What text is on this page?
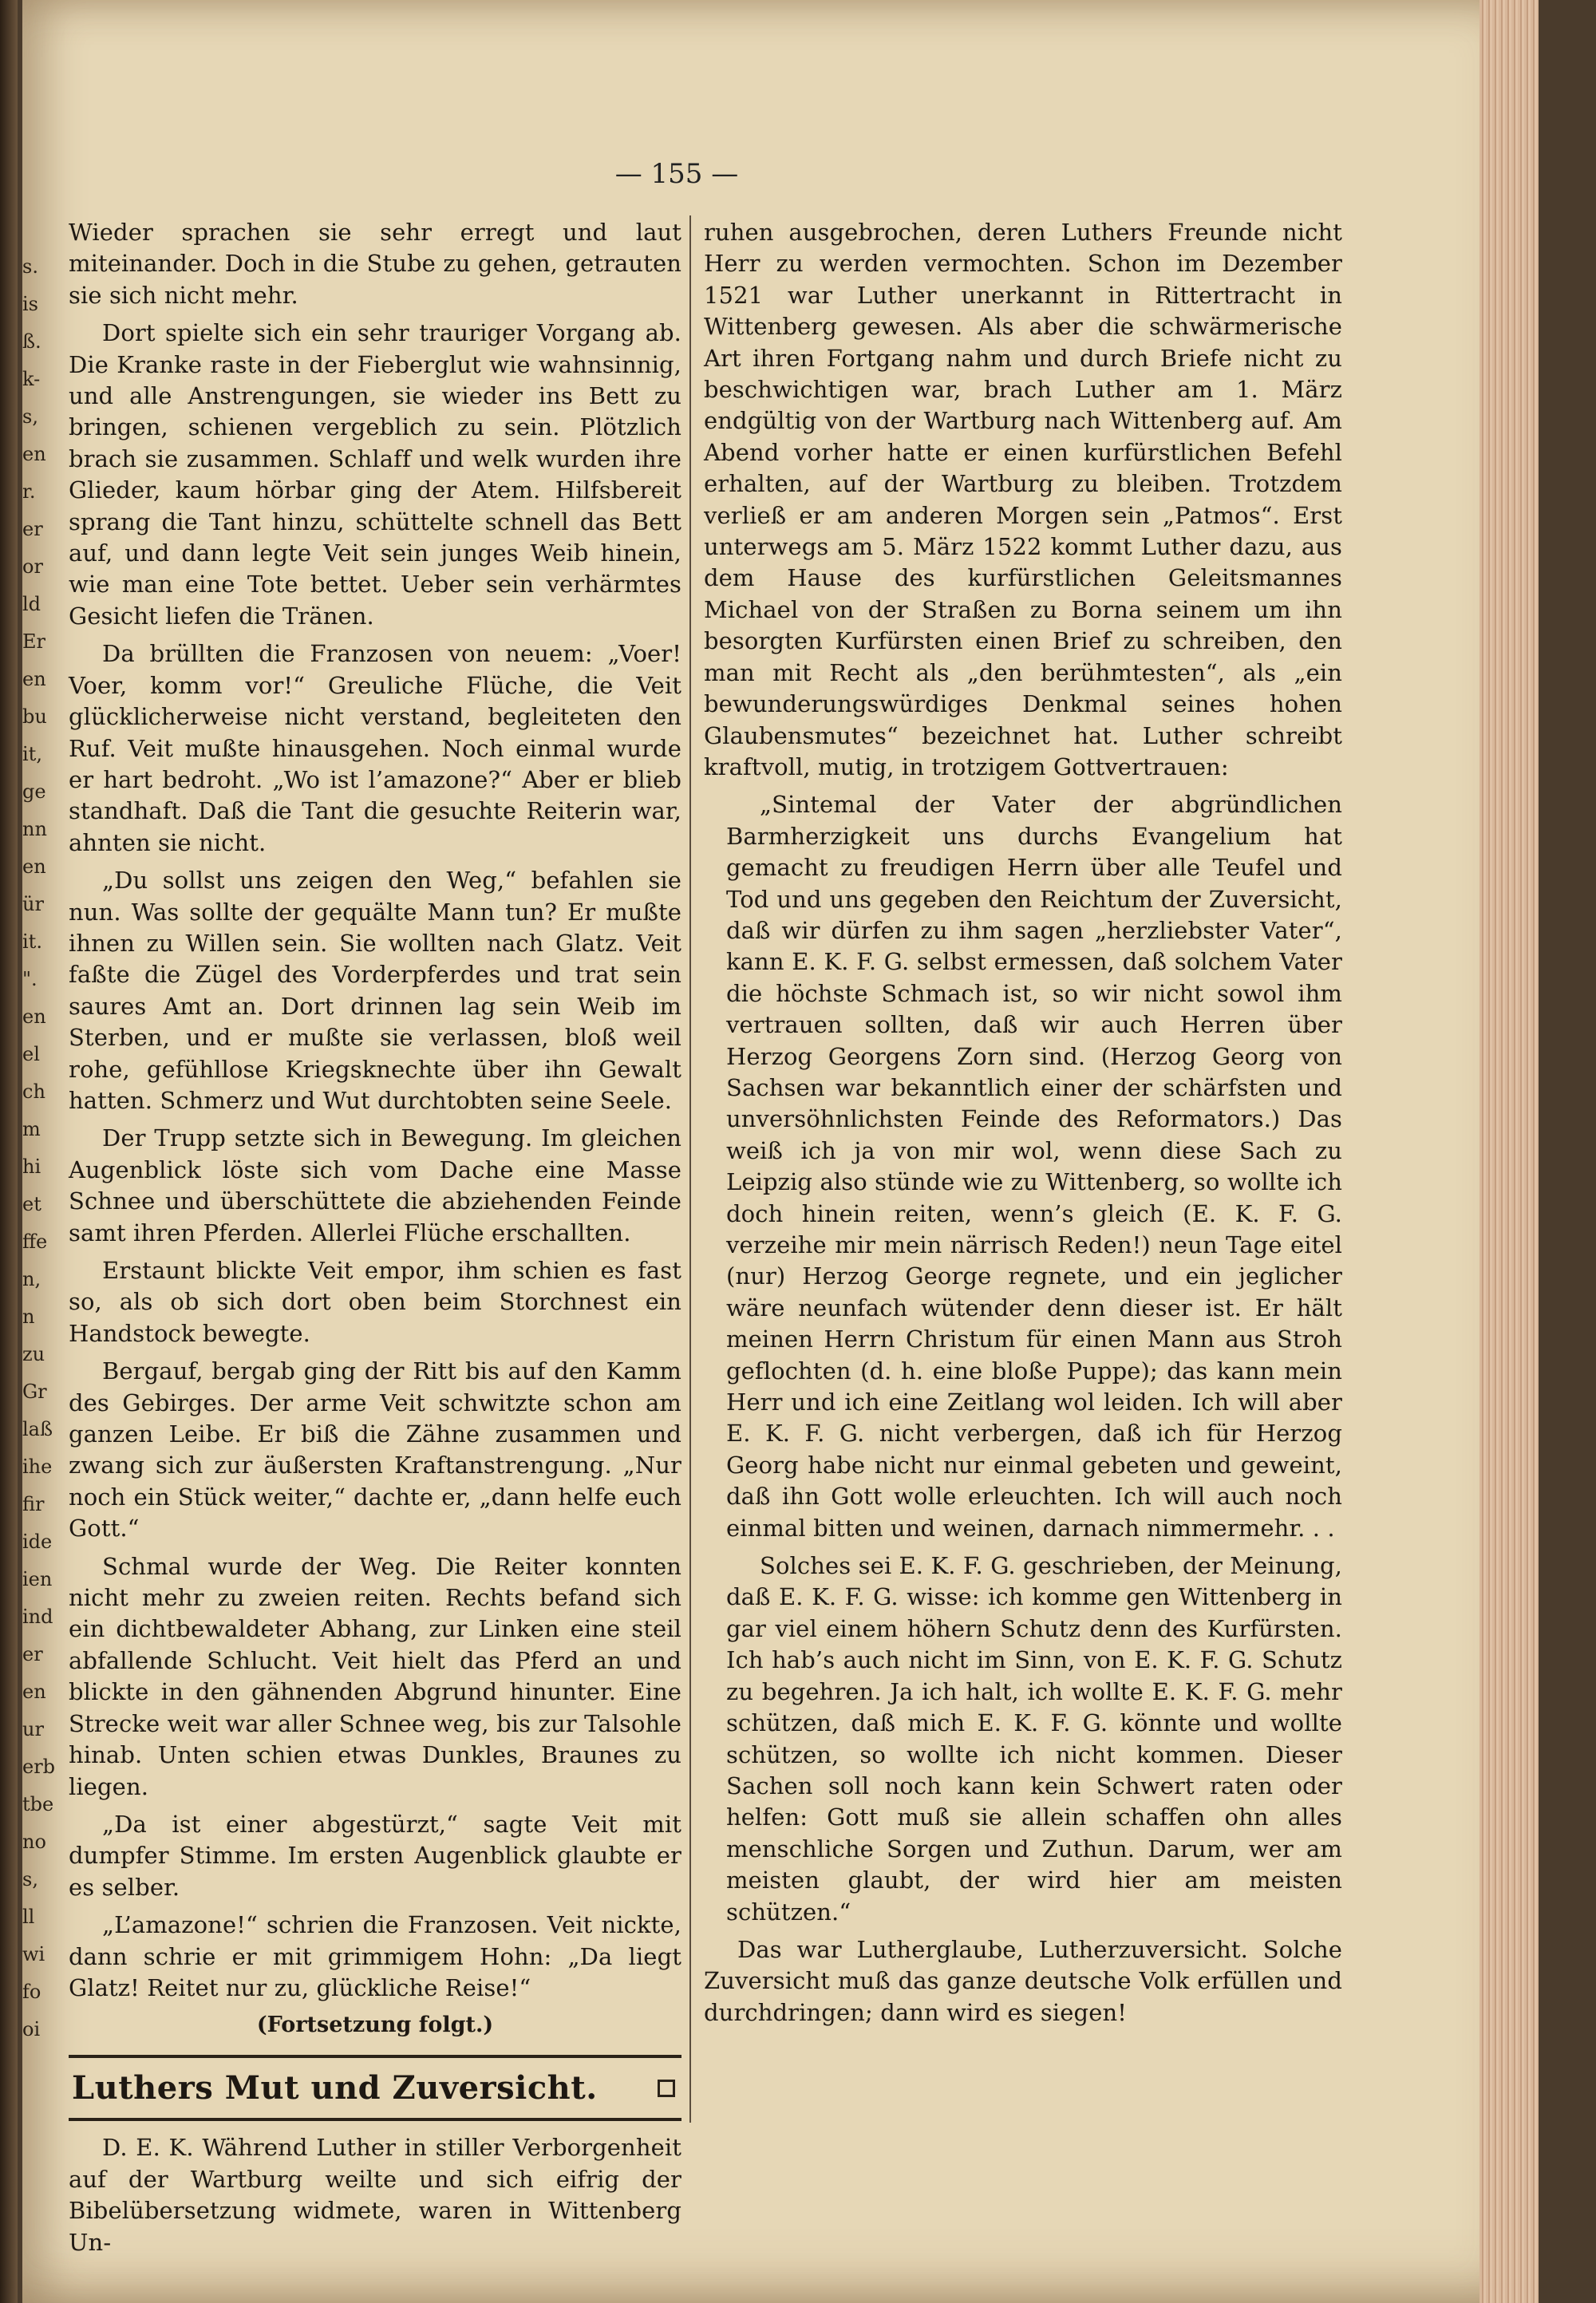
s.
is
ß.
k-
s,
en
r.
er
or
ld
Er
en
bu
it,
ge
nn
en
ür
it.
".
en
el
ch
m
hi
et
ffe
n,
n
zu
Gr
laß
ihe
fir
ide
ien
ind
er
en
ur
erb
tbe
no
s,
ll
wi
fo
oi
— 155 —

Wieder sprachen sie sehr erregt und laut miteinander. Doch in die Stube zu gehen, getrauten sie sich nicht mehr.

Dort spielte sich ein sehr trauriger Vorgang ab. Die Kranke raste in der Fieberglut wie wahnsinnig, und alle Anstrengungen, sie wieder ins Bett zu bringen, schienen vergeblich zu sein. Plötzlich brach sie zusammen. Schlaff und welk wurden ihre Glieder, kaum hörbar ging der Atem. Hilfsbereit sprang die Tant hinzu, schüttelte schnell das Bett auf, und dann legte Veit sein junges Weib hinein, wie man eine Tote bettet. Ueber sein verhärmtes Gesicht liefen die Tränen.

Da brüllten die Franzosen von neuem: „Voer! Voer, komm vor!“ Greuliche Flüche, die Veit glücklicherweise nicht verstand, begleiteten den Ruf. Veit mußte hinausgehen. Noch einmal wurde er hart bedroht. „Wo ist l’amazone?“ Aber er blieb standhaft. Daß die Tant die gesuchte Reiterin war, ahnten sie nicht.

„Du sollst uns zeigen den Weg,“ befahlen sie nun. Was sollte der gequälte Mann tun? Er mußte ihnen zu Willen sein. Sie wollten nach Glatz. Veit faßte die Zügel des Vorderpferdes und trat sein saures Amt an. Dort drinnen lag sein Weib im Sterben, und er mußte sie verlassen, bloß weil rohe, gefühllose Kriegsknechte über ihn Gewalt hatten. Schmerz und Wut durchtobten seine Seele.

Der Trupp setzte sich in Bewegung. Im gleichen Augenblick löste sich vom Dache eine Masse Schnee und überschüttete die abziehenden Feinde samt ihren Pferden. Allerlei Flüche erschallten.

Erstaunt blickte Veit empor, ihm schien es fast so, als ob sich dort oben beim Storchnest ein Handstock bewegte.

Bergauf, bergab ging der Ritt bis auf den Kamm des Gebirges. Der arme Veit schwitzte schon am ganzen Leibe. Er biß die Zähne zusammen und zwang sich zur äußersten Kraftanstrengung. „Nur noch ein Stück weiter,“ dachte er, „dann helfe euch Gott.“

Schmal wurde der Weg. Die Reiter konnten nicht mehr zu zweien reiten. Rechts befand sich ein dichtbewaldeter Abhang, zur Linken eine steil abfallende Schlucht. Veit hielt das Pferd an und blickte in den gähnenden Abgrund hinunter. Eine Strecke weit war aller Schnee weg, bis zur Talsohle hinab. Unten schien etwas Dunkles, Braunes zu liegen.

„Da ist einer abgestürzt,“ sagte Veit mit dumpfer Stimme. Im ersten Augenblick glaubte er es selber.

„L’amazone!“ schrien die Franzosen. Veit nickte, dann schrie er mit grimmigem Hohn: „Da liegt Glatz! Reitet nur zu, glückliche Reise!“

(Fortsetzung folgt.)
Luthers Mut und Zuversicht.

D. E. K. Während Luther in stiller Verborgenheit auf der Wartburg weilte und sich eifrig der Bibelübersetzung widmete, waren in Wittenberg Un-

ruhen ausgebrochen, deren Luthers Freunde nicht Herr zu werden vermochten. Schon im Dezember 1521 war Luther unerkannt in Rittertracht in Wittenberg gewesen. Als aber die schwärmerische Art ihren Fortgang nahm und durch Briefe nicht zu beschwichtigen war, brach Luther am 1. März endgültig von der Wartburg nach Wittenberg auf. Am Abend vorher hatte er einen kurfürstlichen Befehl erhalten, auf der Wartburg zu bleiben. Trotzdem verließ er am anderen Morgen sein „Patmos“. Erst unterwegs am 5. März 1522 kommt Luther dazu, aus dem Hause des kurfürstlichen Geleitsmannes Michael von der Straßen zu Borna seinem um ihn besorgten Kurfürsten einen Brief zu schreiben, den man mit Recht als „den berühmtesten“, als „ein bewunderungswürdiges Denkmal seines hohen Glaubensmutes“ bezeichnet hat. Luther schreibt kraftvoll, mutig, in trotzigem Gottvertrauen:

„Sintemal der Vater der abgründlichen Barmherzigkeit uns durchs Evangelium hat gemacht zu freudigen Herrn über alle Teufel und Tod und uns gegeben den Reichtum der Zuversicht, daß wir dürfen zu ihm sagen „herzliebster Vater“, kann E. K. F. G. selbst ermessen, daß solchem Vater die höchste Schmach ist, so wir nicht sowol ihm vertrauen sollten, daß wir auch Herren über Herzog Georgens Zorn sind. (Herzog Georg von Sachsen war bekanntlich einer der schärfsten und unversöhnlichsten Feinde des Reformators.) Das weiß ich ja von mir wol, wenn diese Sach zu Leipzig also stünde wie zu Wittenberg, so wollte ich doch hinein reiten, wenn’s gleich (E. K. F. G. verzeihe mir mein närrisch Reden!) neun Tage eitel (nur) Herzog George regnete, und ein jeglicher wäre neunfach wütender denn dieser ist. Er hält meinen Herrn Christum für einen Mann aus Stroh geflochten (d. h. eine bloße Puppe); das kann mein Herr und ich eine Zeitlang wol leiden. Ich will aber E. K. F. G. nicht verbergen, daß ich für Herzog Georg habe nicht nur einmal gebeten und geweint, daß ihn Gott wolle erleuchten. Ich will auch noch einmal bitten und weinen, darnach nimmermehr. . .

Solches sei E. K. F. G. geschrieben, der Meinung, daß E. K. F. G. wisse: ich komme gen Wittenberg in gar viel einem höhern Schutz denn des Kurfürsten. Ich hab’s auch nicht im Sinn, von E. K. F. G. Schutz zu begehren. Ja ich halt, ich wollte E. K. F. G. mehr schützen, daß mich E. K. F. G. könnte und wollte schützen, so wollte ich nicht kommen. Dieser Sachen soll noch kann kein Schwert raten oder helfen: Gott muß sie allein schaffen ohn alles menschliche Sorgen und Zuthun. Darum, wer am meisten glaubt, der wird hier am meisten schützen.“

Das war Lutherglaube, Lutherzuversicht. Solche Zuversicht muß das ganze deutsche Volk erfüllen und durchdringen; dann wird es siegen!
